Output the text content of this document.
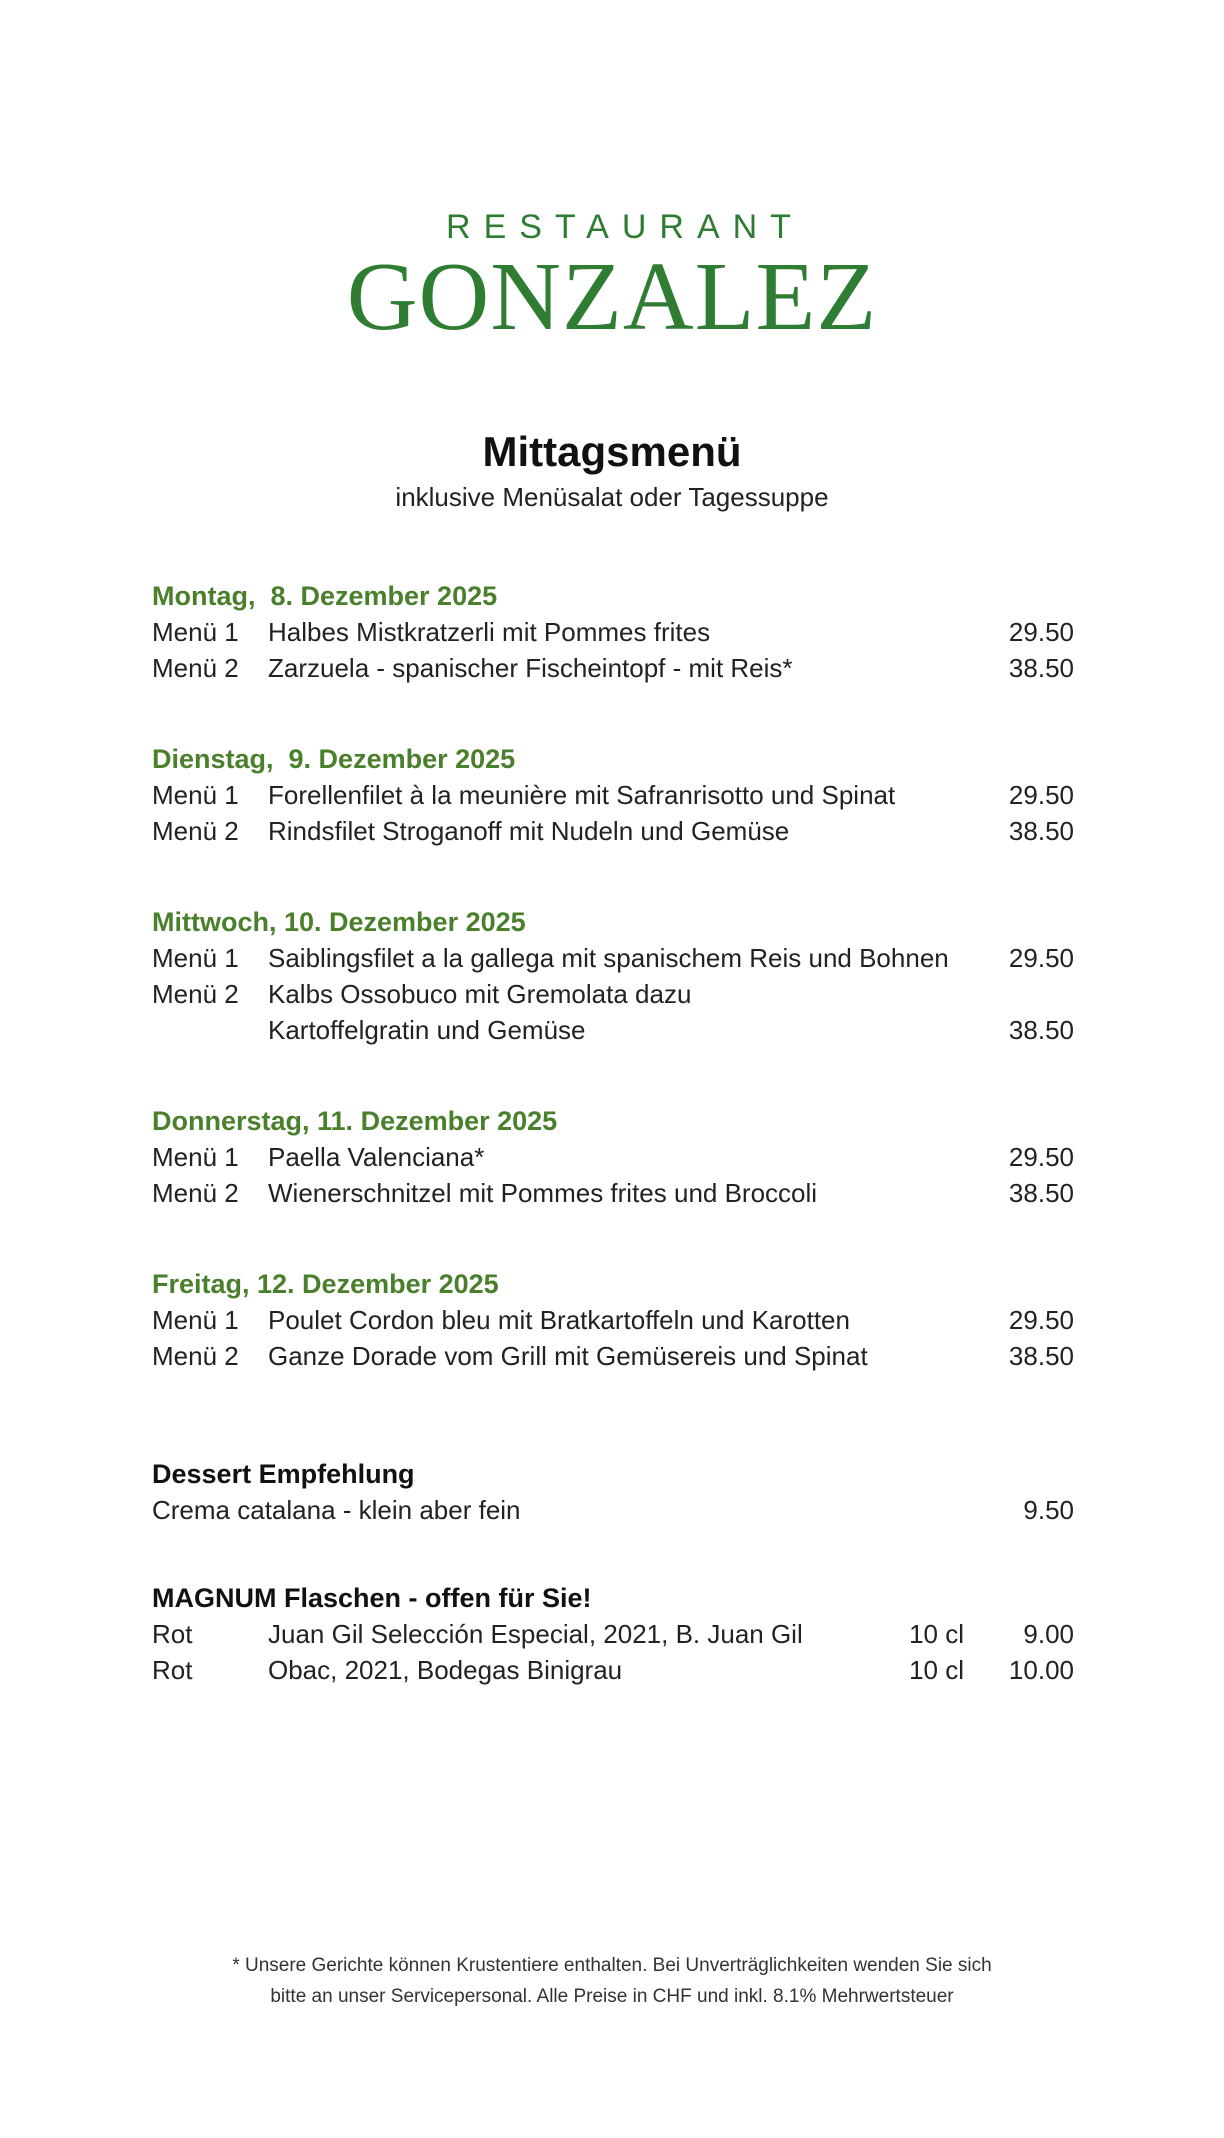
RESTAURANT
GONZALEZ
Mittagsmenü
inklusive Menüsalat oder Tagessuppe
Montag,  8. Dezember 2025
Menü 1	Halbes Mistkratzerli mit Pommes frites	29.50
Menü 2	Zarzuela - spanischer Fischeintopf - mit Reis*	38.50
Dienstag,  9. Dezember 2025
Menü 1	Forellenfilet à la meunière mit Safranrisotto und Spinat	29.50
Menü 2	Rindsfilet Stroganoff mit Nudeln und Gemüse	38.50
Mittwoch, 10. Dezember 2025
Menü 1	Saiblingsfilet a la gallega mit spanischem Reis und Bohnen	29.50
Menü 2	Kalbs Ossobuco mit Gremolata dazu Kartoffelgratin und Gemüse	38.50
Donnerstag, 11. Dezember 2025
Menü 1	Paella Valenciana*	29.50
Menü 2	Wienerschnitzel mit Pommes frites und Broccoli	38.50
Freitag, 12. Dezember 2025
Menü 1	Poulet Cordon bleu mit Bratkartoffeln und Karotten	29.50
Menü 2	Ganze Dorade vom Grill mit Gemüsereis und Spinat	38.50
Dessert Empfehlung
Crema catalana - klein aber fein	9.50
MAGNUM Flaschen - offen für Sie!
Rot	Juan Gil Selección Especial, 2021, B. Juan Gil	10 cl	9.00
Rot	Obac, 2021, Bodegas Binigrau	10 cl	10.00
* Unsere Gerichte können Krustentiere enthalten. Bei Unverträglichkeiten wenden Sie sich
bitte an unser Servicepersonal. Alle Preise in CHF und inkl. 8.1% Mehrwertsteuer
